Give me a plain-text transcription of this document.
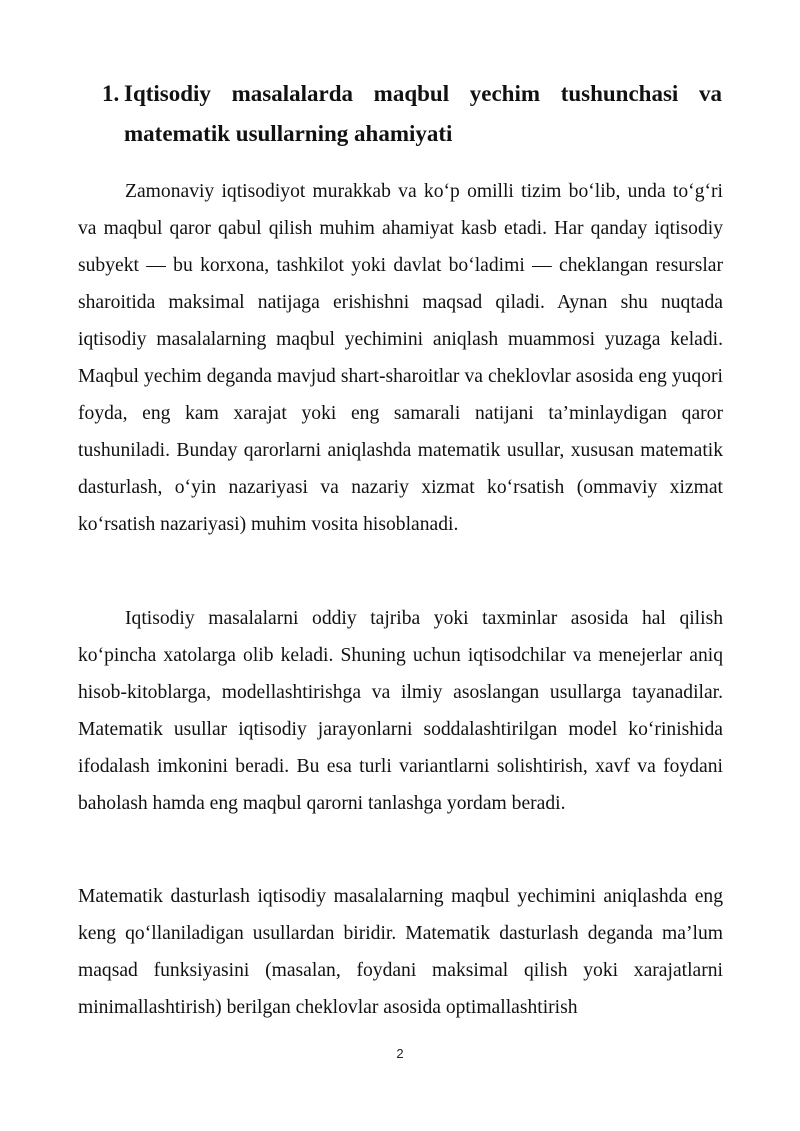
1. Iqtisodiy masalalarda maqbul yechim tushunchasi va matematik usullarning ahamiyati

Zamonaviy iqtisodiyot murakkab va ko‘p omilli tizim bo‘lib, unda to‘g‘ri va maqbul qaror qabul qilish muhim ahamiyat kasb etadi. Har qanday iqtisodiy subyekt — bu korxona, tashkilot yoki davlat bo‘ladimi — cheklangan resurslar sharoitida maksimal natijaga erishishni maqsad qiladi. Aynan shu nuqtada iqtisodiy masalalarning maqbul yechimini aniqlash muammosi yuzaga keladi. Maqbul yechim deganda mavjud shart-sharoitlar va cheklovlar asosida eng yuqori foyda, eng kam xarajat yoki eng samarali natijani ta’minlaydigan qaror tushuniladi. Bunday qarorlarni aniqlashda matematik usullar, xususan matematik dasturlash, o‘yin nazariyasi va nazariy xizmat ko‘rsatish (ommaviy xizmat ko‘rsatish nazariyasi) muhim vosita hisoblanadi.

Iqtisodiy masalalarni oddiy tajriba yoki taxminlar asosida hal qilish ko‘pincha xatolarga olib keladi. Shuning uchun iqtisodchilar va menejerlar aniq hisob-kitoblarga, modellashtirishga va ilmiy asoslangan usullarga tayanadilar. Matematik usullar iqtisodiy jarayonlarni soddalashtirilgan model ko‘rinishida ifodalash imkonini beradi. Bu esa turli variantlarni solishtirish, xavf va foydani baholash hamda eng maqbul qarorni tanlashga yordam beradi.

Matematik dasturlash iqtisodiy masalalarning maqbul yechimini aniqlashda eng keng qo‘llaniladigan usullardan biridir. Matematik dasturlash deganda ma’lum maqsad funksiyasini (masalan, foydani maksimal qilish yoki xarajatlarni minimallashtirish) berilgan cheklovlar asosida optimallashtirish

2
